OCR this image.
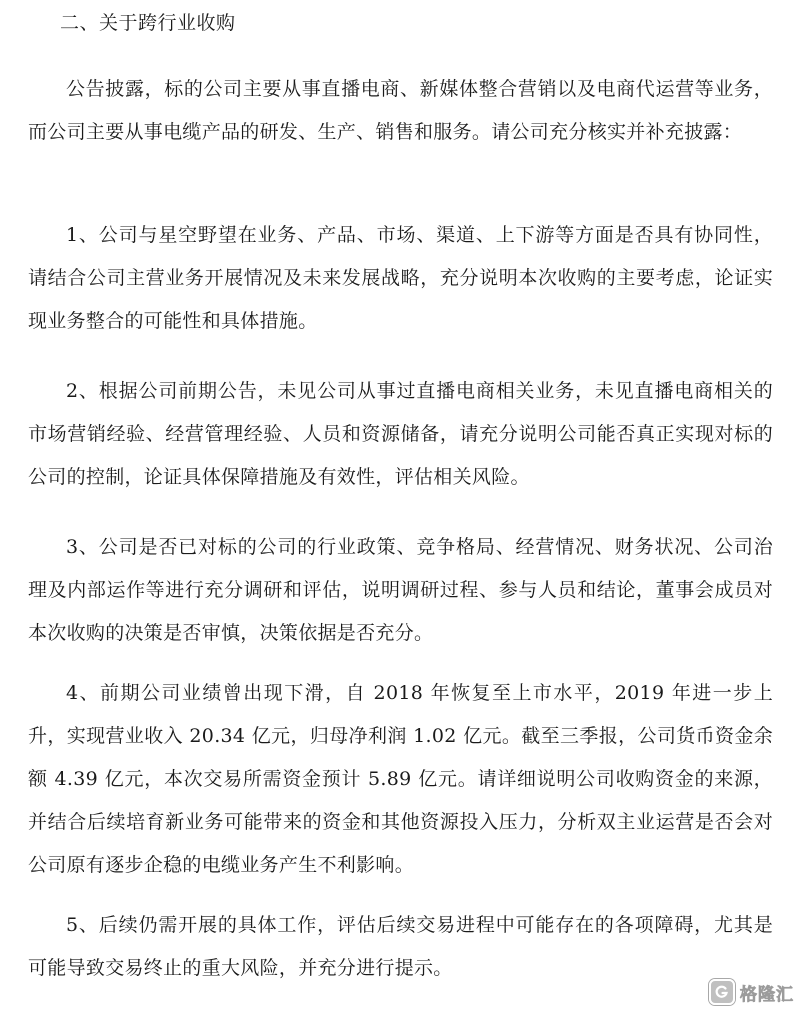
二、关于跨行业收购

公告披露，标的公司主要从事直播电商、新媒体整合营销以及电商代运营等业务，而公司主要从事电缆产品的研发、生产、销售和服务。请公司充分核实并补充披露：

1、公司与星空野望在业务、产品、市场、渠道、上下游等方面是否具有协同性，请结合公司主营业务开展情况及未来发展战略，充分说明本次收购的主要考虑，论证实现业务整合的可能性和具体措施。

2、根据公司前期公告，未见公司从事过直播电商相关业务，未见直播电商相关的市场营销经验、经营管理经验、人员和资源储备，请充分说明公司能否真正实现对标的公司的控制，论证具体保障措施及有效性，评估相关风险。

3、公司是否已对标的公司的行业政策、竞争格局、经营情况、财务状况、公司治理及内部运作等进行充分调研和评估，说明调研过程、参与人员和结论，董事会成员对本次收购的决策是否审慎，决策依据是否充分。

4、前期公司业绩曾出现下滑，自 2018 年恢复至上市水平，2019 年进一步上升，实现营业收入 20.34 亿元，归母净利润 1.02 亿元。截至三季报，公司货币资金余额 4.39 亿元，本次交易所需资金预计 5.89 亿元。请详细说明公司收购资金的来源，并结合后续培育新业务可能带来的资金和其他资源投入压力，分析双主业运营是否会对公司原有逐步企稳的电缆业务产生不利影响。

5、后续仍需开展的具体工作，评估后续交易进程中可能存在的各项障碍，尤其是可能导致交易终止的重大风险，并充分进行提示。

格隆汇
